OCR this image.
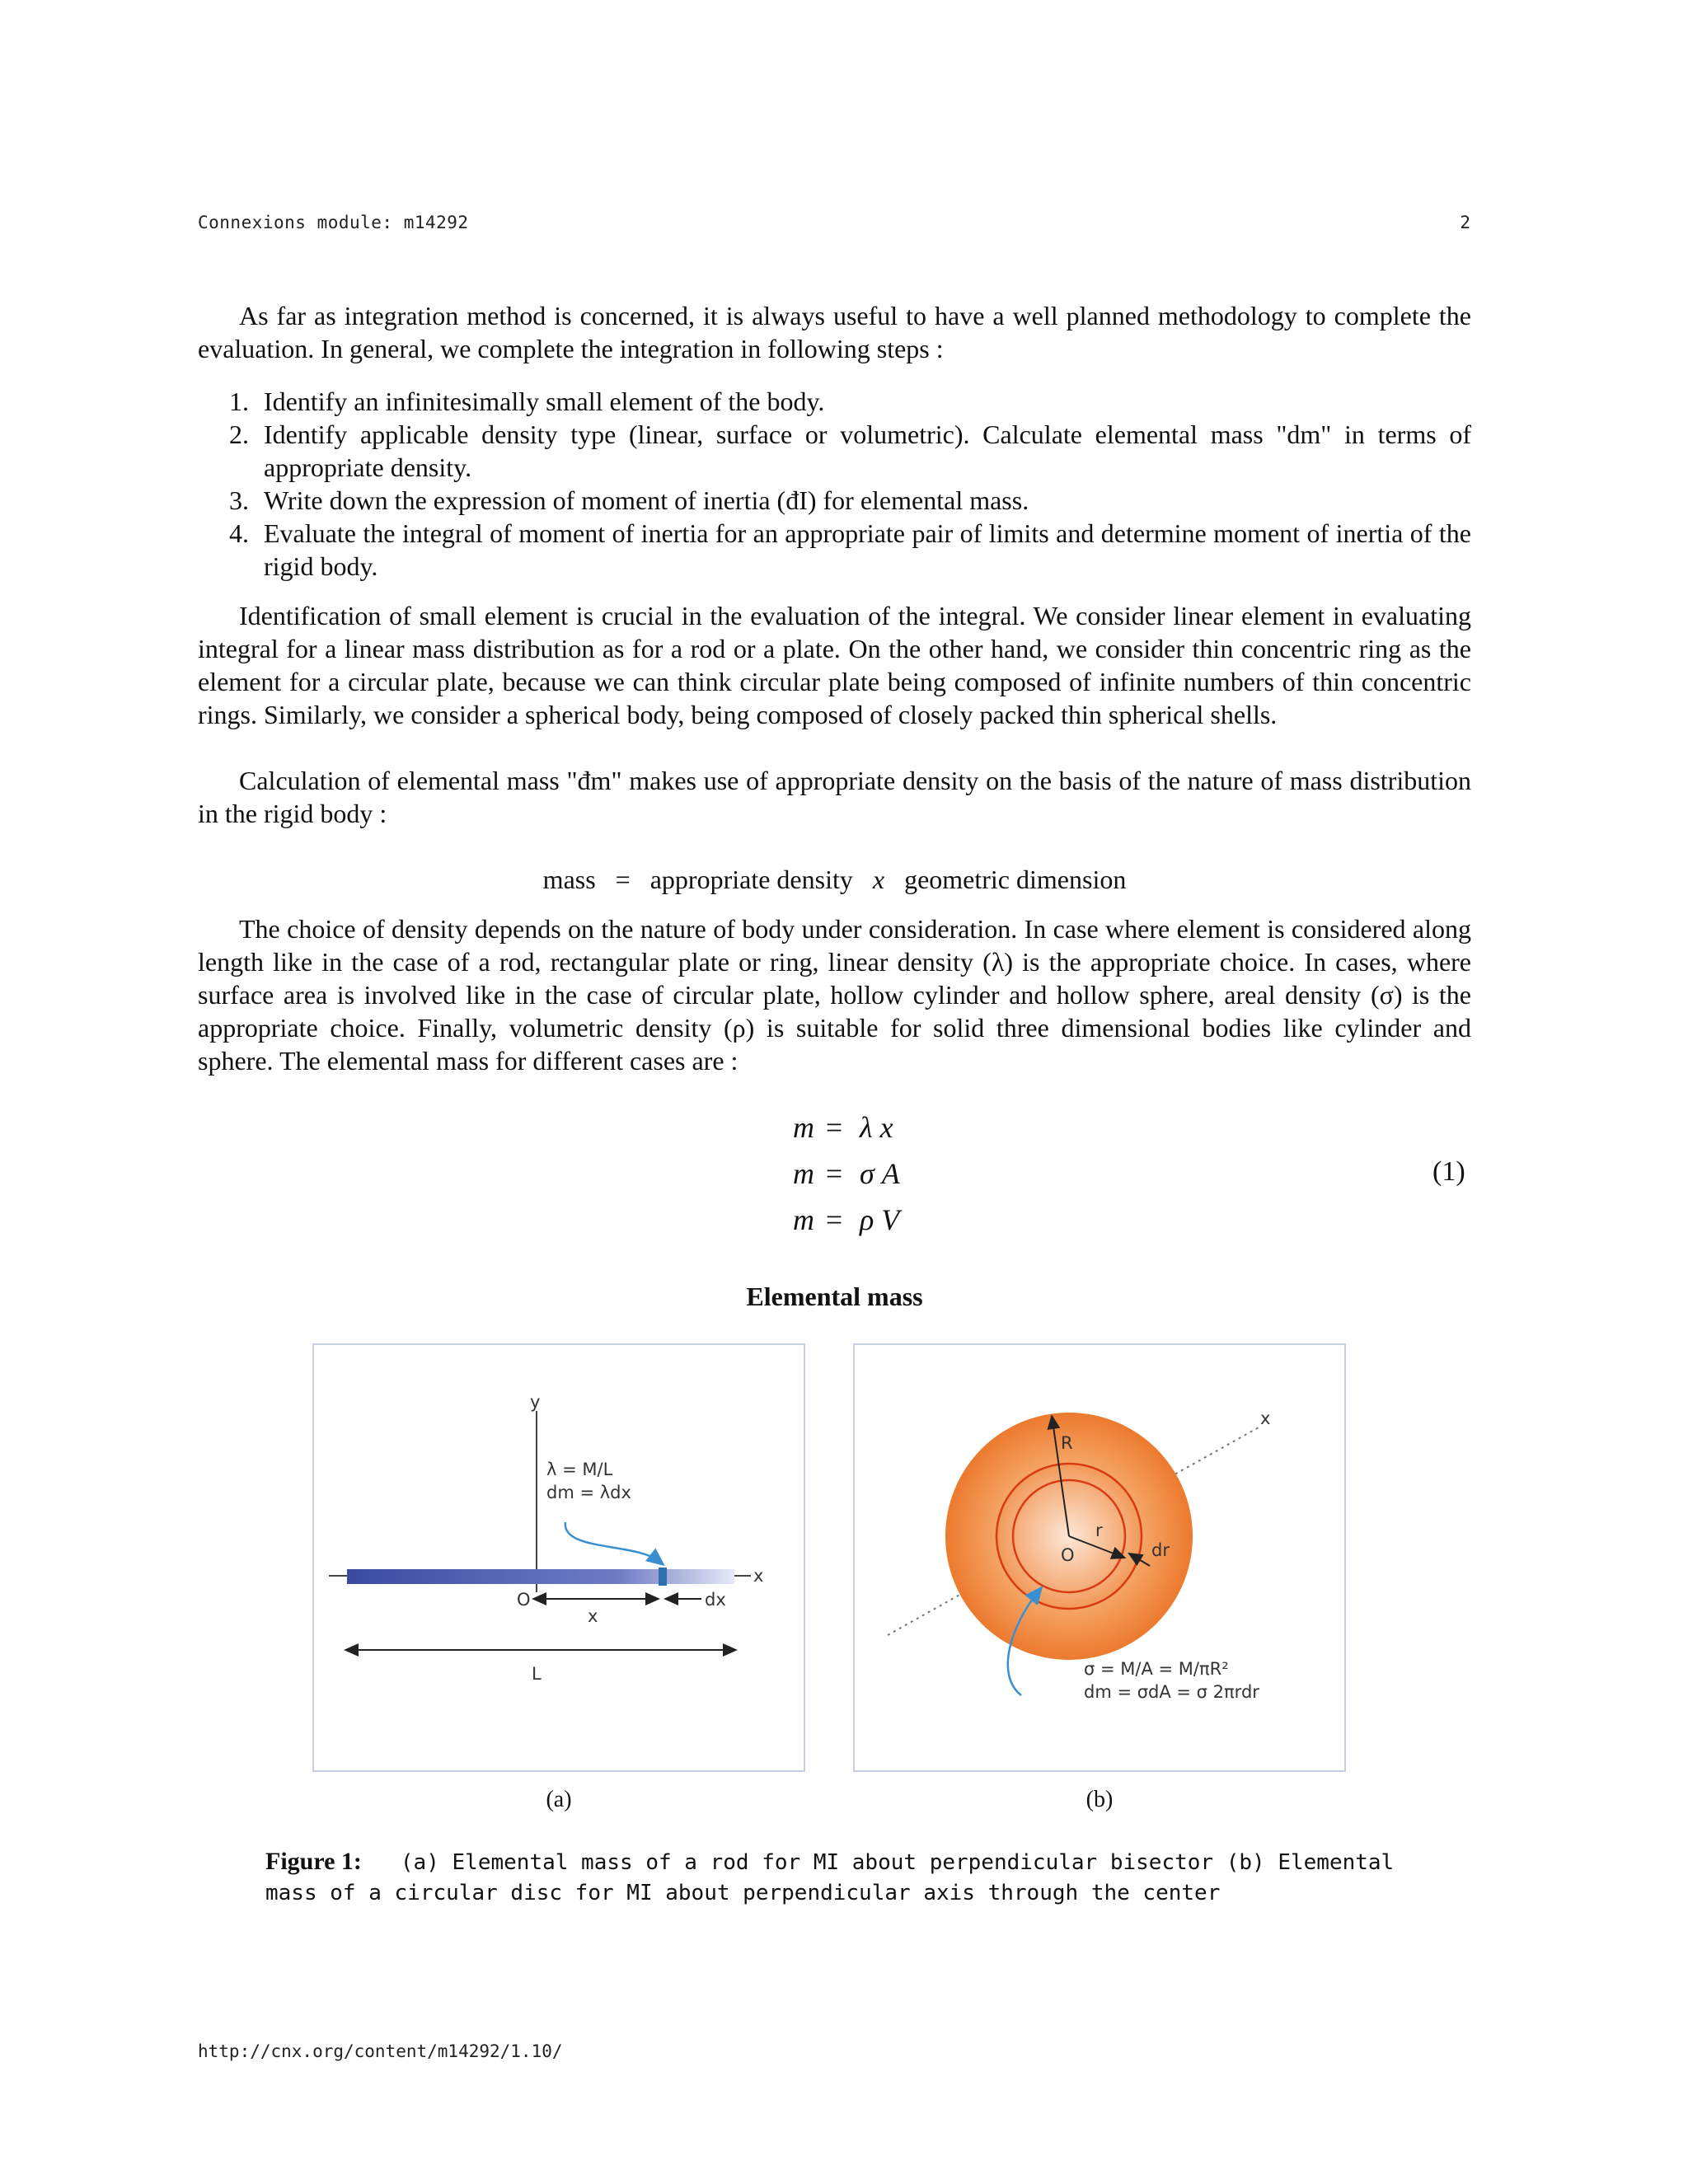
Connexions module: m14292	2

As far as integration method is concerned, it is always useful to have a well planned methodology to complete the evaluation. In general, we complete the integration in following steps :

1. Identify an infinitesimally small element of the body.
2. Identify applicable density type (linear, surface or volumetric). Calculate elemental mass "dm" in terms of appropriate density.
3. Write down the expression of moment of inertia (đI) for elemental mass.
4. Evaluate the integral of moment of inertia for an appropriate pair of limits and determine moment of inertia of the rigid body.

Identification of small element is crucial in the evaluation of the integral. We consider linear element in evaluating integral for a linear mass distribution as for a rod or a plate. On the other hand, we consider thin concentric ring as the element for a circular plate, because we can think circular plate being composed of infinite numbers of thin concentric rings. Similarly, we consider a spherical body, being composed of closely packed thin spherical shells.

Calculation of elemental mass "đm" makes use of appropriate density on the basis of the nature of mass distribution in the rigid body :

mass = appropriate density x geometric dimension

The choice of density depends on the nature of body under consideration. In case where element is considered along length like in the case of a rod, rectangular plate or ring, linear density (λ) is the appropriate choice. In cases, where surface area is involved like in the case of circular plate, hollow cylinder and hollow sphere, areal density (σ) is the appropriate choice. Finally, volumetric density (ρ) is suitable for solid three dimensional bodies like cylinder and sphere. The elemental mass for different cases are :

m = λ x
m = σ A
m = ρ V
(1)
Elemental mass
x
y
λ = M/L
dm = λdx
O
x
dx
L
x
R
r
O	dr
σ = M/A = M/πR²
dm = σdA = σ 2πrdr
(a)	(b)
Figure 1: (a) Elemental mass of a rod for MI about perpendicular bisector (b) Elemental mass of a circular disc for MI about perpendicular axis through the center
http://cnx.org/content/m14292/1.10/
